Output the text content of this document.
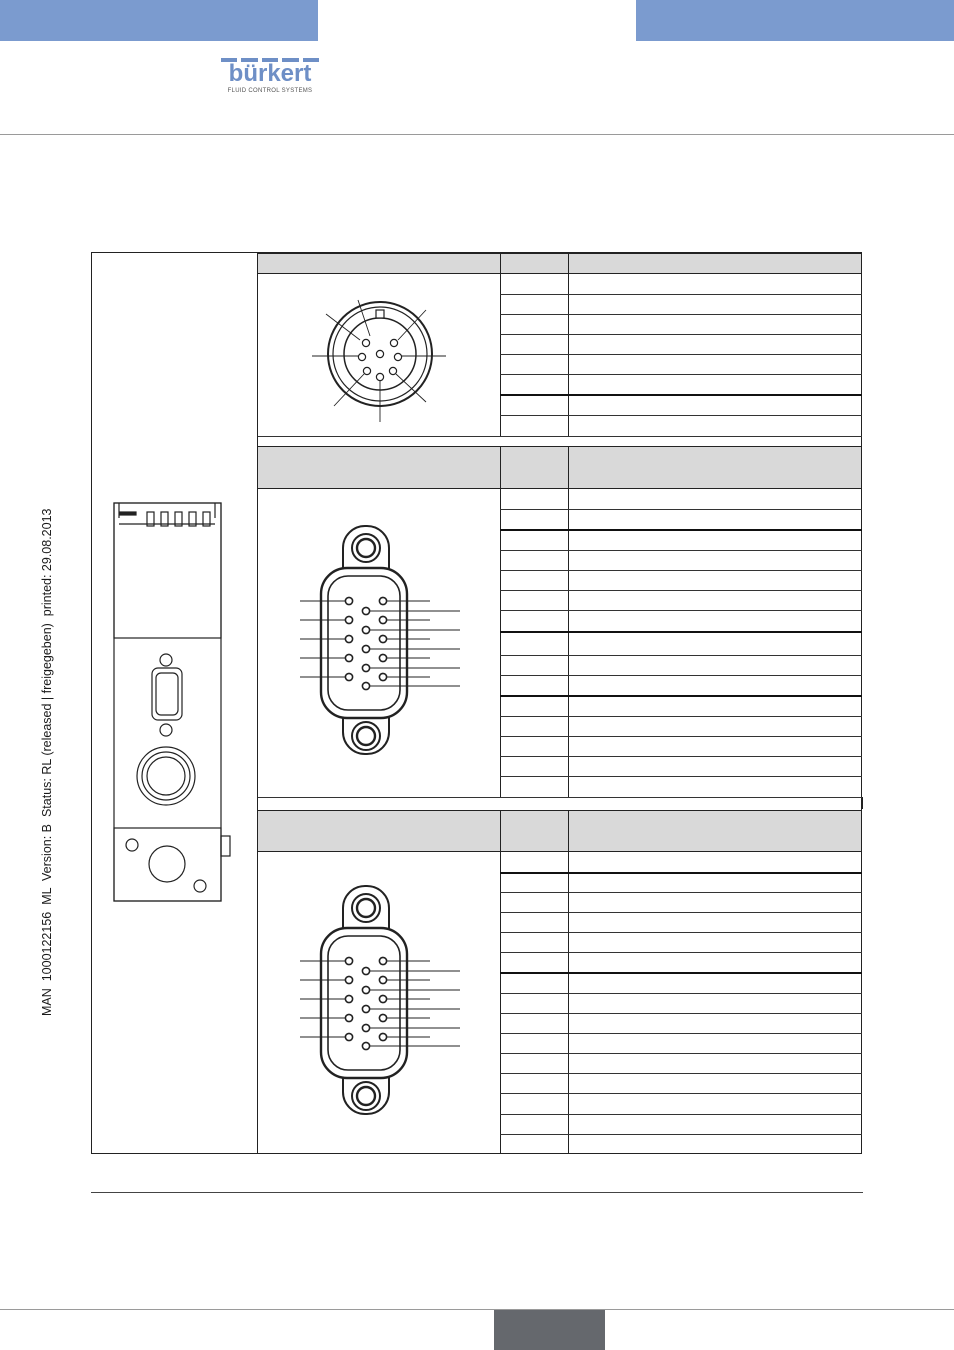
bürkert
FLUID CONTROL SYSTEMS
MAN  1000122156  ML  Version: B  Status: RL (released | freigegeben)  printed: 29.08.2013
